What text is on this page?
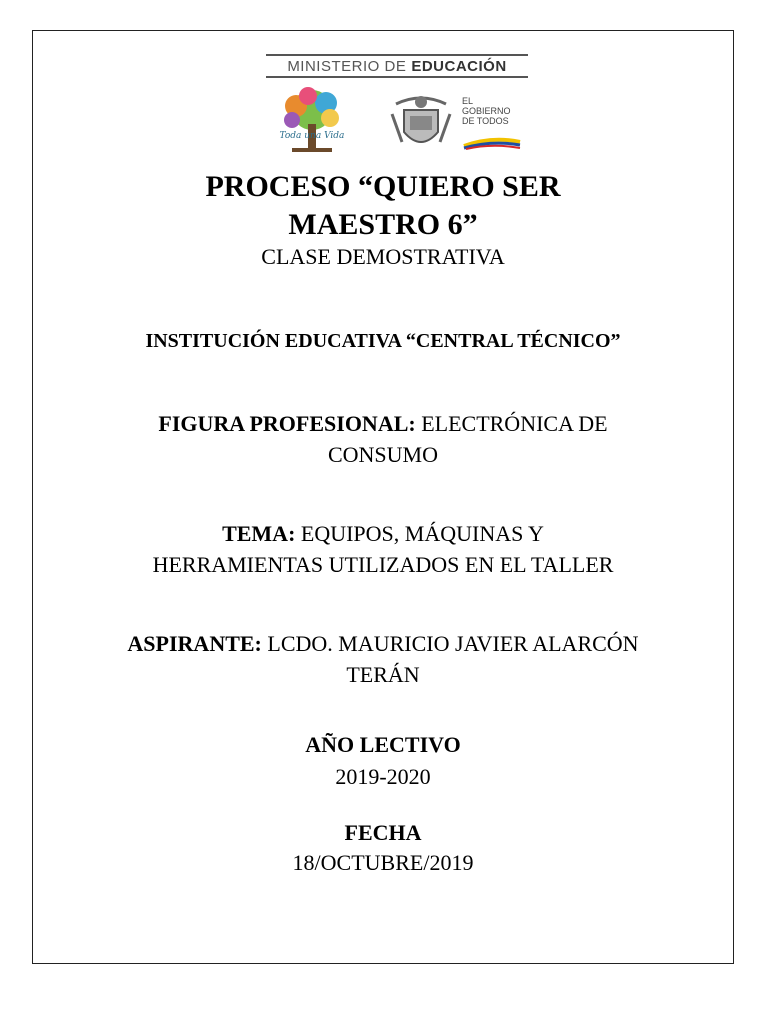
MINISTERIO DE EDUCACIÓN
Toda una Vida
EL
GOBIERNO
DE TODOS
PROCESO “QUIERO SER
MAESTRO 6”
CLASE DEMOSTRATIVA
INSTITUCIÓN EDUCATIVA “CENTRAL TÉCNICO”
FIGURA PROFESIONAL: ELECTRÓNICA DE
CONSUMO
TEMA: EQUIPOS, MÁQUINAS Y
HERRAMIENTAS UTILIZADOS EN EL TALLER
ASPIRANTE: LCDO. MAURICIO JAVIER ALARCÓN
TERÁN
AÑO LECTIVO
2019-2020
FECHA
18/OCTUBRE/2019
